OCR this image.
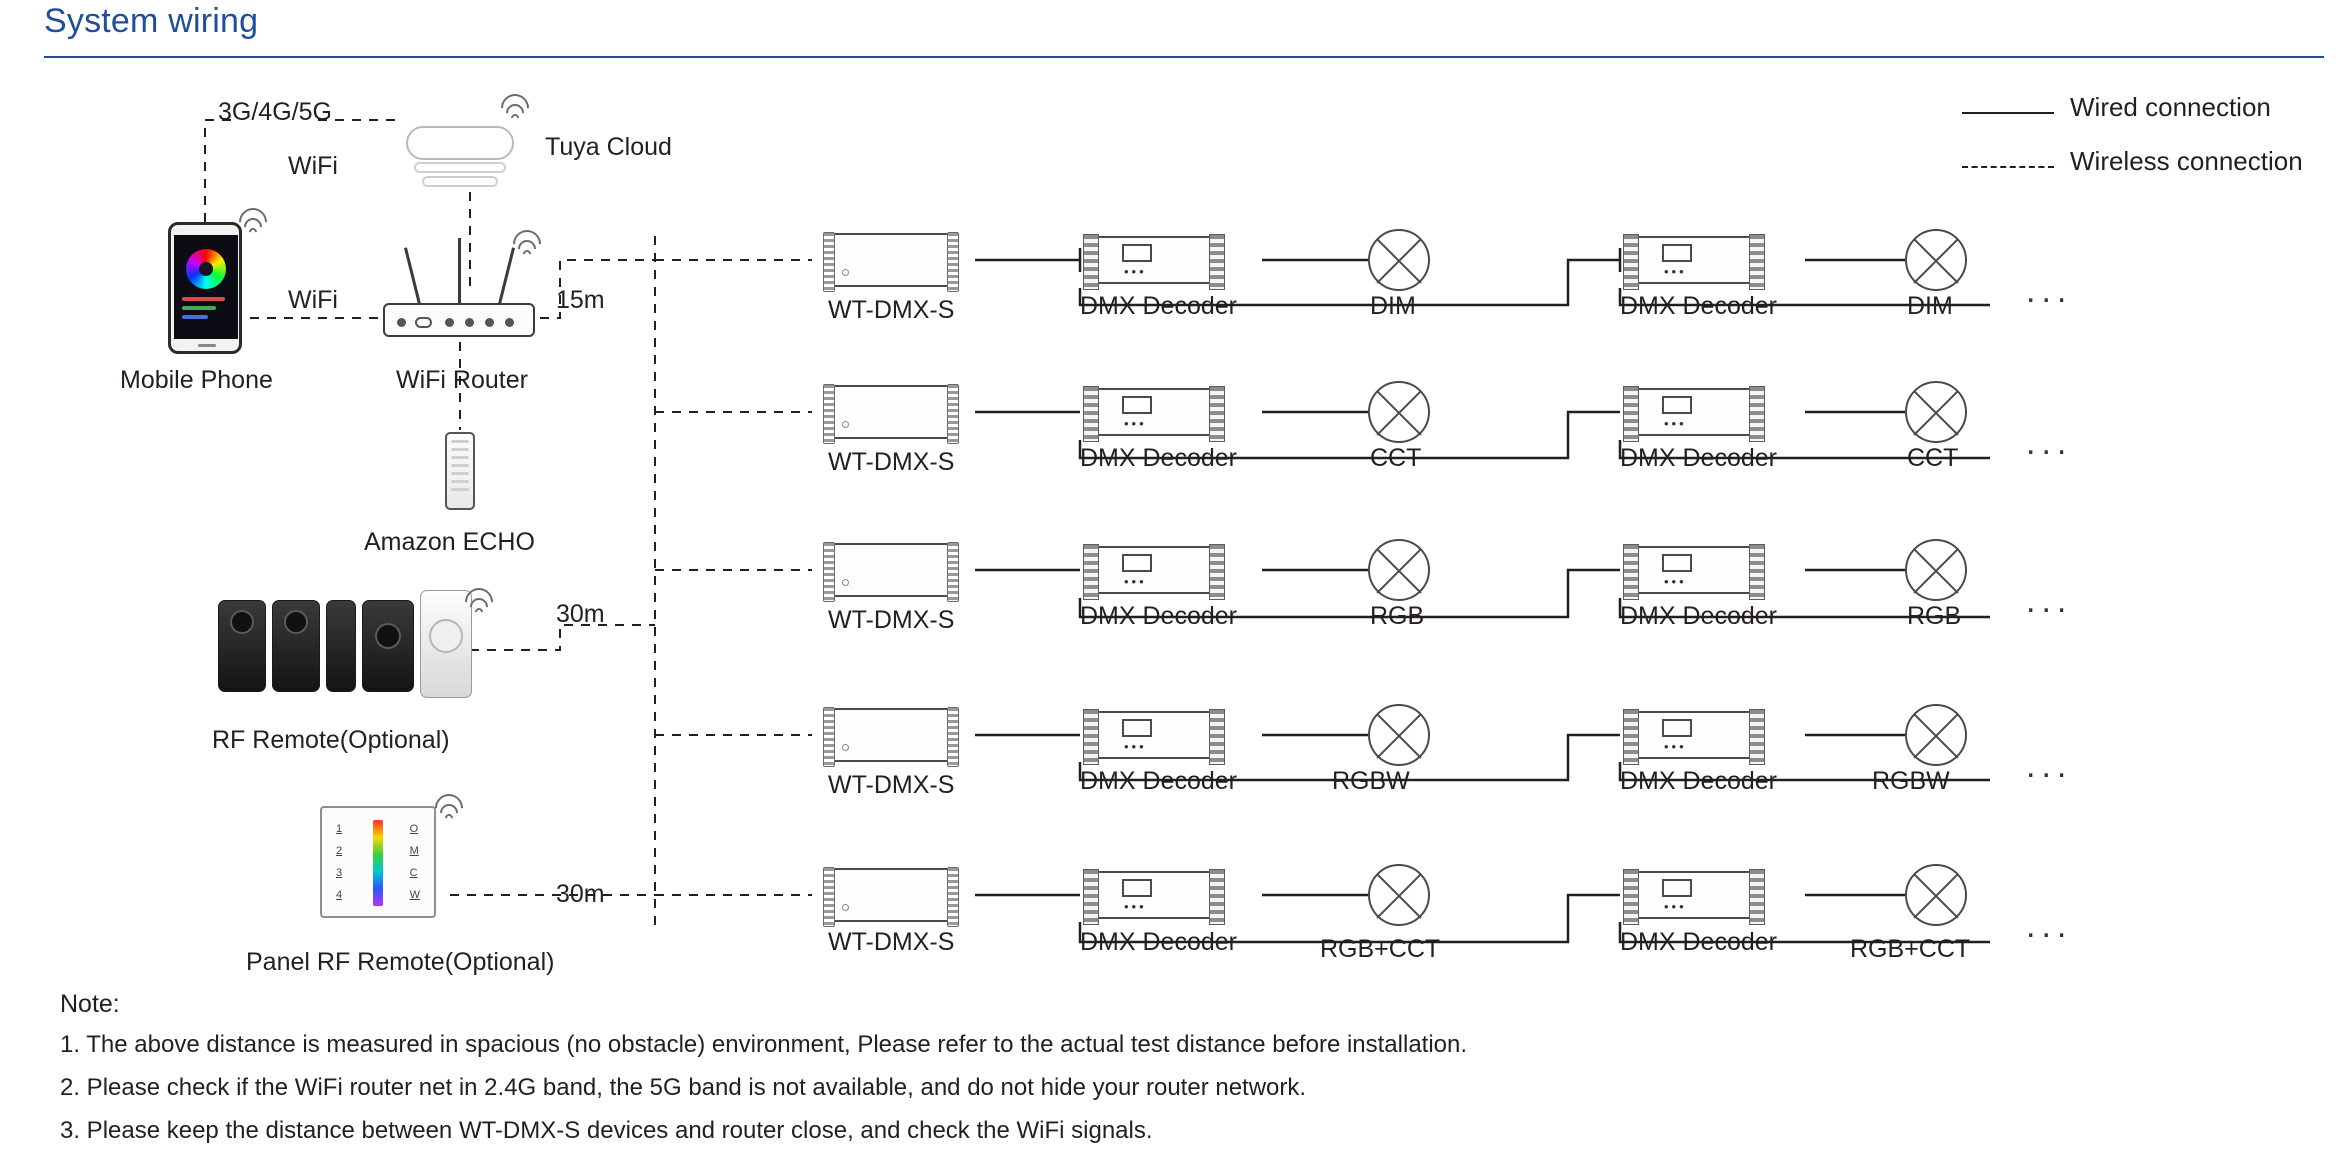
System wiring
Wired connection
Wireless connection
3G/4G/5G
WiFi
Tuya Cloud
Mobile Phone
WiFi	15m
WiFi Router
Amazon ECHO
30m
RF Remote(Optional)
1
2
3
4
O
M
C
W	30m
Panel RF Remote(Optional)
WT-DMX-S
•••
DMX Decoder	DIM
•••
DMX Decoder	DIM ...
WT-DMX-S
•••
DMX Decoder	CCT
•••
DMX Decoder	CCT ...
WT-DMX-S
•••
DMX Decoder	RGB
•••
DMX Decoder	RGB ...
WT-DMX-S
•••
DMX Decoder	RGBW
•••
DMX Decoder	RGBW ...
WT-DMX-S
•••
DMX Decoder	RGB+CCT
•••
DMX Decoder	RGB+CCT
...
Note:
1. The above distance is measured in spacious (no obstacle) environment, Please refer to the actual test distance before installation.
2. Please check if the WiFi router net in 2.4G band, the 5G band is not available, and do not hide your router network.
3. Please keep the distance between WT-DMX-S devices and router close, and check the WiFi signals.
